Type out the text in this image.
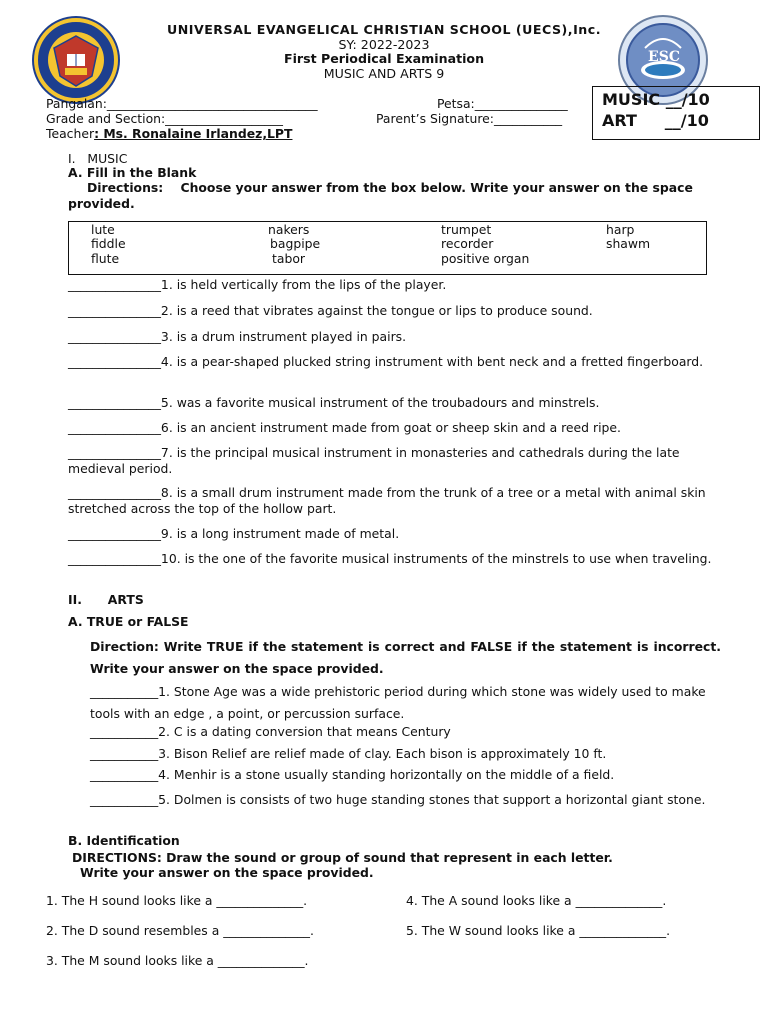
ESC
UNIVERSAL EVANGELICAL CHRISTIAN SCHOOL (UECS),Inc.
SY: 2022-2023
First Periodical Examination
MUSIC AND ARTS 9
Pangalan:__________________________________	Petsa:_______________
Grade and Section:___________________	Parent’s Signature:___________
Teacher: Ms. Ronalaine Irlandez,LPT
MUSIC __/10
ART     __/10
I.   MUSIC
A. Fill in the Blank
Directions: Choose your answer from the box below. Write your answer on the space provided.
lute	nakers	trumpet	harp
fiddle	bagpipe	recorder	shawm
flute	tabor	positive organ
_______________1. is held vertically from the lips of the player.
_______________2. is a reed that vibrates against the tongue or lips to produce sound.
_______________3. is a drum instrument played in pairs.
_______________4. is a pear-shaped plucked string instrument with bent neck and a fretted fingerboard.
_______________5. was a favorite musical instrument of the troubadours and minstrels.
_______________6. is an ancient instrument made from goat or sheep skin and a reed ripe.
_______________7. is the principal musical instrument in monasteries and cathedrals during the late medieval period.
_______________8. is a small drum instrument made from the trunk of a tree or a metal with animal skin stretched across the top of the hollow part.
_______________9. is a long instrument made of metal.
_______________10. is the one of the favorite musical instruments of the minstrels to use when traveling.
II.      ARTS
A. TRUE or FALSE
Direction: Write TRUE if the statement is correct and FALSE if the statement is incorrect. Write your answer on the space provided.
___________1. Stone Age was a wide prehistoric period during which stone was widely used to make tools with an edge , a point, or percussion surface.
___________2. C is a dating conversion that means Century
___________3. Bison Relief are relief made of clay. Each bison is approximately 10 ft.
___________4. Menhir is a stone usually standing horizontally on the middle of a field.
___________5. Dolmen is consists of two huge standing stones that support a horizontal giant stone.
B. Identification
DIRECTIONS: Draw the sound or group of sound that represent in each letter.
Write your answer on the space provided.
1. The H sound looks like a ______________.	4. The A sound looks like a ______________.
2. The D sound resembles a ______________.	5. The W sound looks like a ______________.
3. The M sound looks like a ______________.
